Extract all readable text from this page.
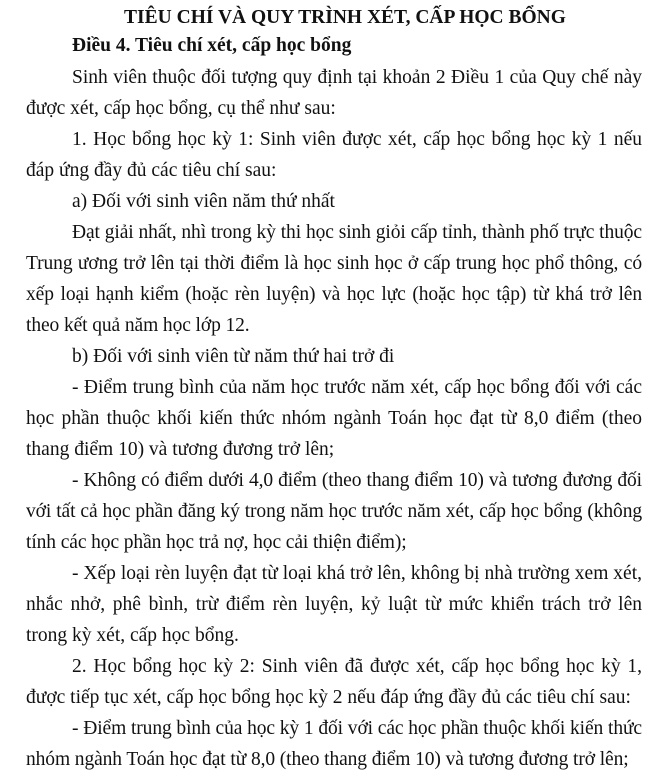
TIÊU CHÍ VÀ QUY TRÌNH XÉT, CẤP HỌC BỔNG
Điều 4. Tiêu chí xét, cấp học bổng

Sinh viên thuộc đối tượng quy định tại khoản 2 Điều 1 của Quy chế này được xét, cấp học bổng, cụ thể như sau:

1. Học bổng học kỳ 1: Sinh viên được xét, cấp học bổng học kỳ 1 nếu đáp ứng đầy đủ các tiêu chí sau:

a) Đối với sinh viên năm thứ nhất

Đạt giải nhất, nhì trong kỳ thi học sinh giỏi cấp tỉnh, thành phố trực thuộc Trung ương trở lên tại thời điểm là học sinh học ở cấp trung học phổ thông, có xếp loại hạnh kiểm (hoặc rèn luyện) và học lực (hoặc học tập) từ khá trở lên theo kết quả năm học lớp 12.

b) Đối với sinh viên từ năm thứ hai trở đi

- Điểm trung bình của năm học trước năm xét, cấp học bổng đối với các học phần thuộc khối kiến thức nhóm ngành Toán học đạt từ 8,0 điểm (theo thang điểm 10) và tương đương trở lên;

- Không có điểm dưới 4,0 điểm (theo thang điểm 10) và tương đương đối với tất cả học phần đăng ký trong năm học trước năm xét, cấp học bổng (không tính các học phần học trả nợ, học cải thiện điểm);

- Xếp loại rèn luyện đạt từ loại khá trở lên, không bị nhà trường xem xét, nhắc nhở, phê bình, trừ điểm rèn luyện, kỷ luật từ mức khiển trách trở lên trong kỳ xét, cấp học bổng.

2. Học bổng học kỳ 2: Sinh viên đã được xét, cấp học bổng học kỳ 1, được tiếp tục xét, cấp học bổng học kỳ 2 nếu đáp ứng đầy đủ các tiêu chí sau:

- Điểm trung bình của học kỳ 1 đối với các học phần thuộc khối kiến thức nhóm ngành Toán học đạt từ 8,0 (theo thang điểm 10) và tương đương trở lên;
